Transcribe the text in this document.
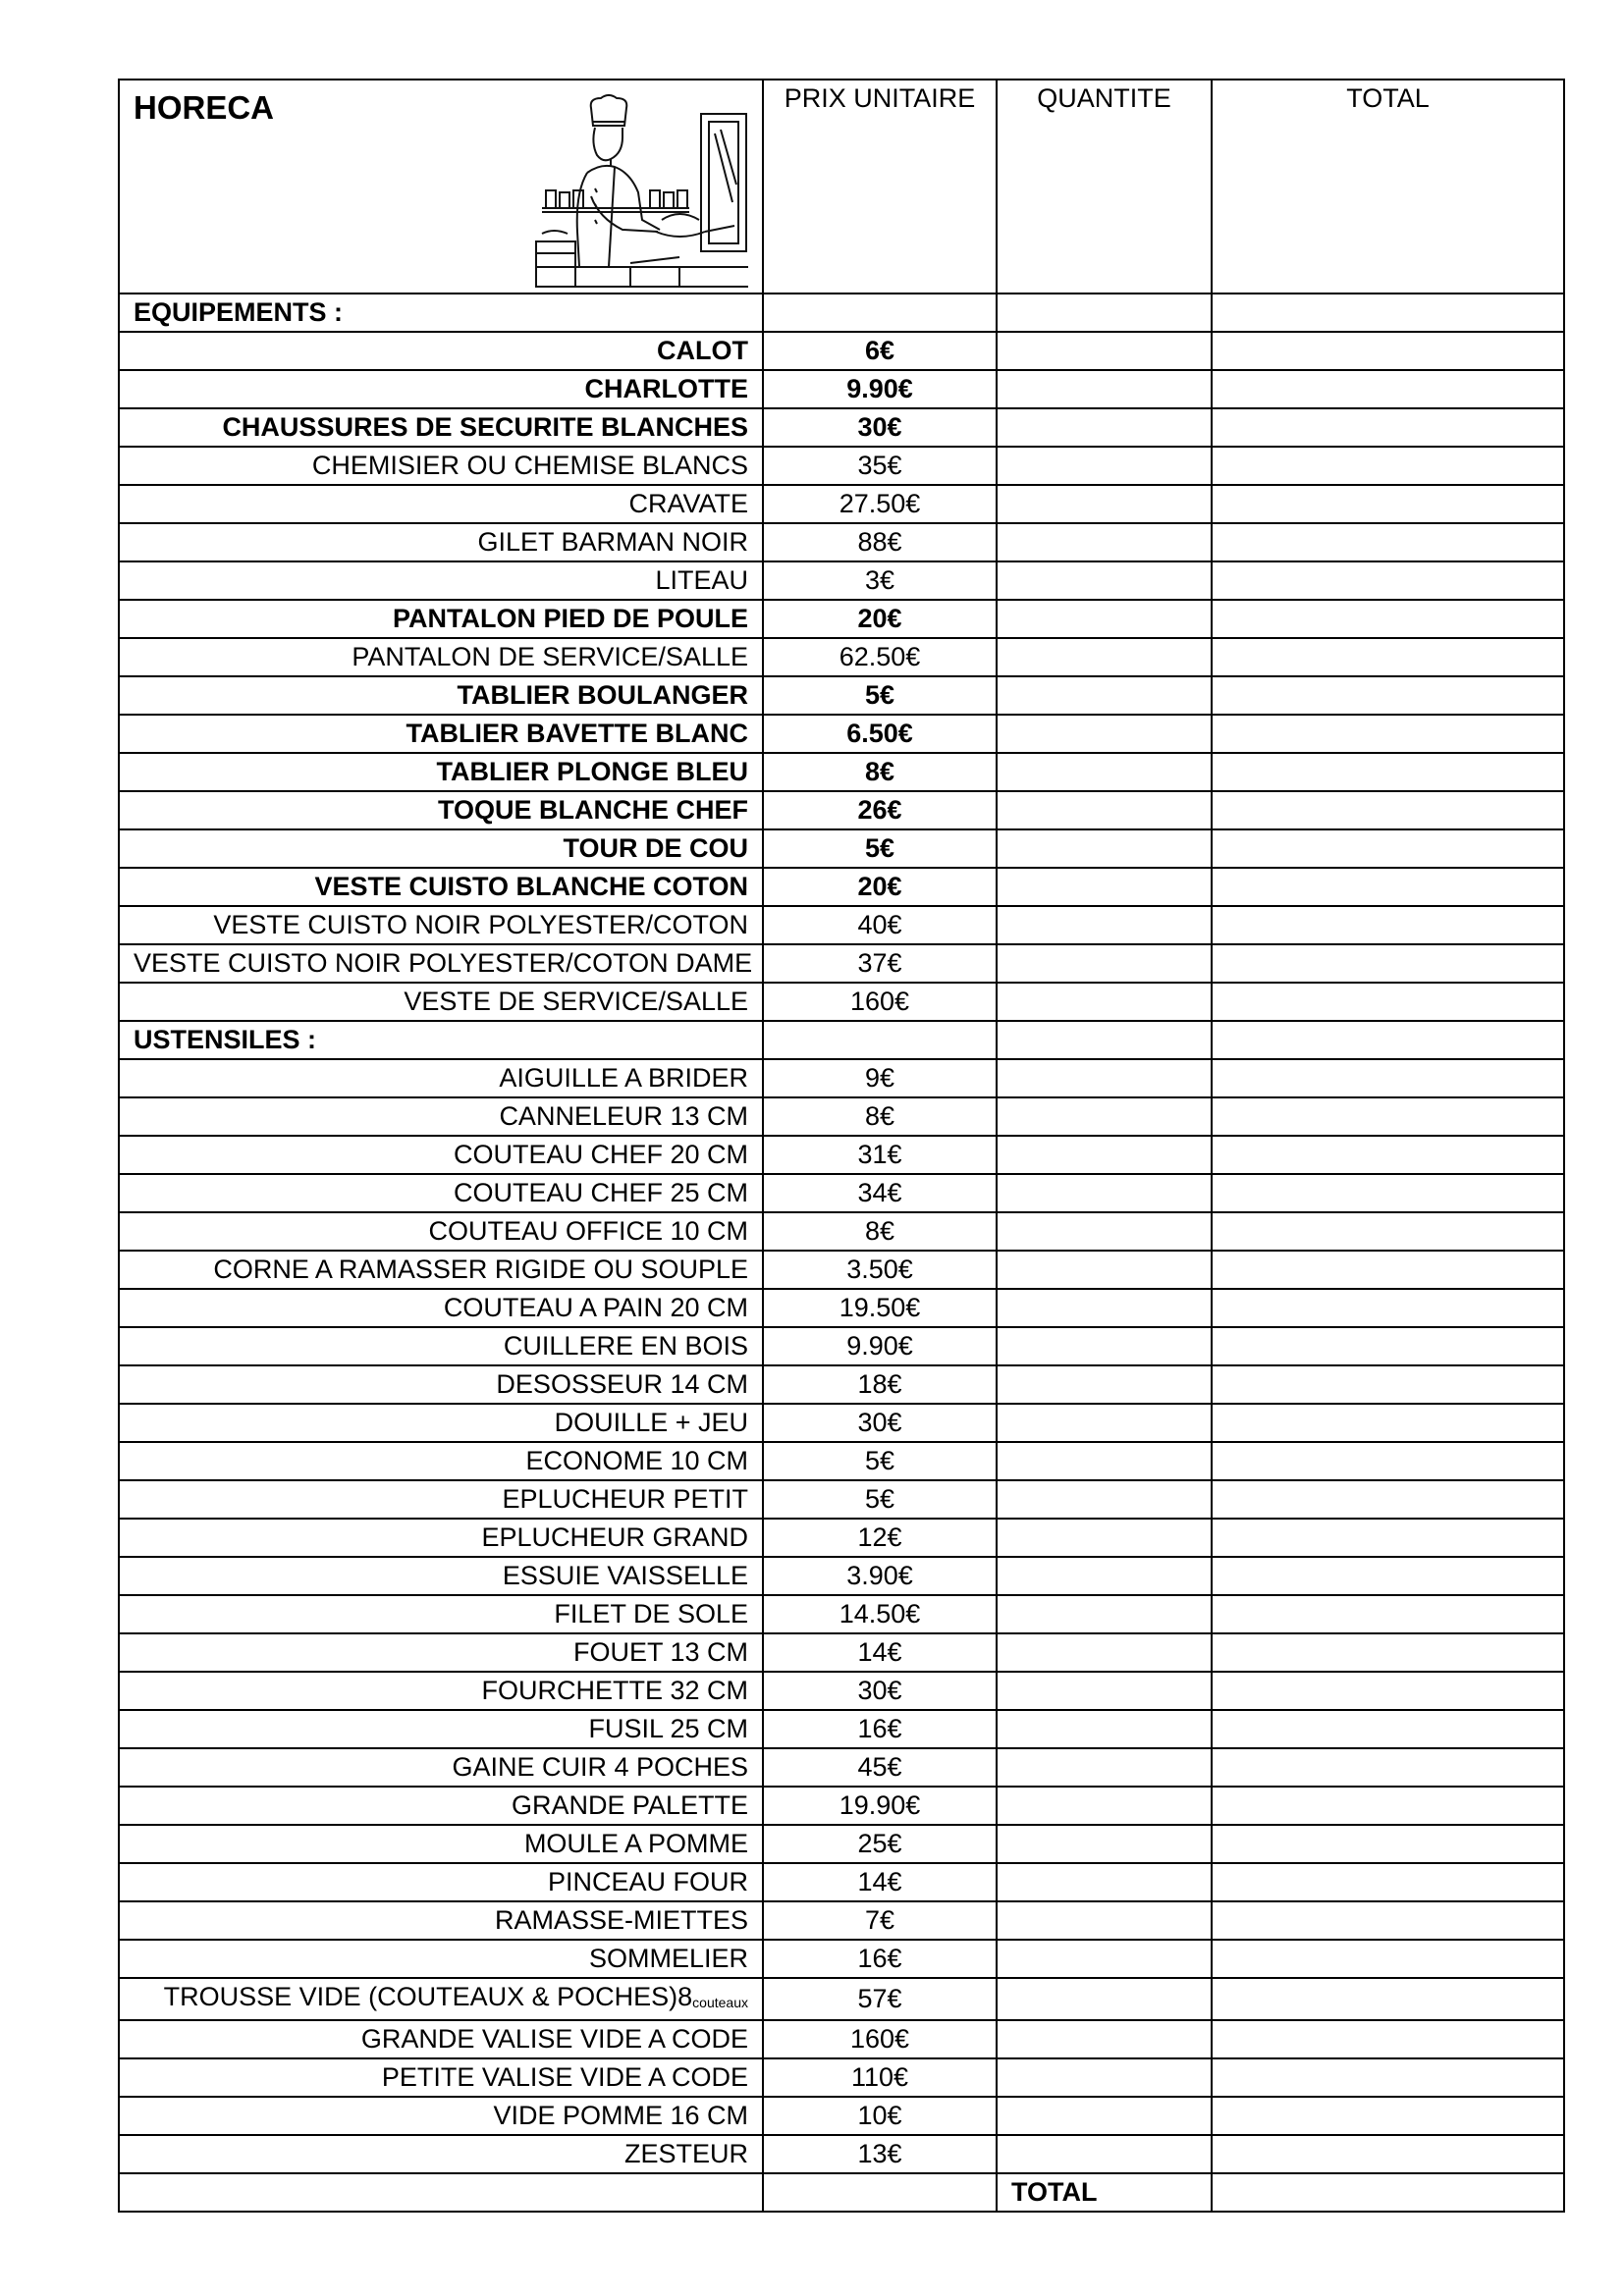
HORECA	PRIX UNITAIRE	QUANTITE	TOTAL
EQUIPEMENTS :			
CALOT	6€		
CHARLOTTE	9.90€		
CHAUSSURES DE SECURITE BLANCHES	30€		
CHEMISIER OU CHEMISE BLANCS	35€		
CRAVATE	27.50€		
GILET BARMAN NOIR	88€		
LITEAU	3€		
PANTALON PIED DE POULE	20€		
PANTALON DE SERVICE/SALLE	62.50€		
TABLIER BOULANGER	5€		
TABLIER BAVETTE BLANC	6.50€		
TABLIER PLONGE BLEU	8€		
TOQUE BLANCHE CHEF	26€		
TOUR DE COU	5€		
VESTE CUISTO BLANCHE COTON	20€		
VESTE CUISTO NOIR POLYESTER/COTON	40€		
VESTE CUISTO NOIR POLYESTER/COTON DAME	37€		
VESTE DE SERVICE/SALLE	160€		
USTENSILES :			
AIGUILLE A BRIDER	9€		
CANNELEUR 13 CM	8€		
COUTEAU CHEF 20 CM	31€		
COUTEAU CHEF 25 CM	34€		
COUTEAU OFFICE 10 CM	8€		
CORNE A RAMASSER RIGIDE OU SOUPLE	3.50€		
COUTEAU A PAIN 20 CM	19.50€		
CUILLERE EN BOIS	9.90€		
DESOSSEUR 14 CM	18€		
DOUILLE + JEU	30€		
ECONOME 10 CM	5€		
EPLUCHEUR PETIT	5€		
EPLUCHEUR GRAND	12€		
ESSUIE VAISSELLE	3.90€		
FILET DE SOLE	14.50€		
FOUET 13 CM	14€		
FOURCHETTE 32 CM	30€		
FUSIL 25 CM	16€		
GAINE CUIR 4 POCHES	45€		
GRANDE PALETTE	19.90€		
MOULE A POMME	25€		
PINCEAU FOUR	14€		
RAMASSE-MIETTES	7€		
SOMMELIER	16€		
TROUSSE VIDE (COUTEAUX & $POCHES)8_{couteaux}$	57€		
GRANDE VALISE VIDE A CODE	160€		
PETITE VALISE VIDE A CODE	110€		
VIDE POMME 16 CM	10€		
ZESTEUR	13€		
		TOTAL	
